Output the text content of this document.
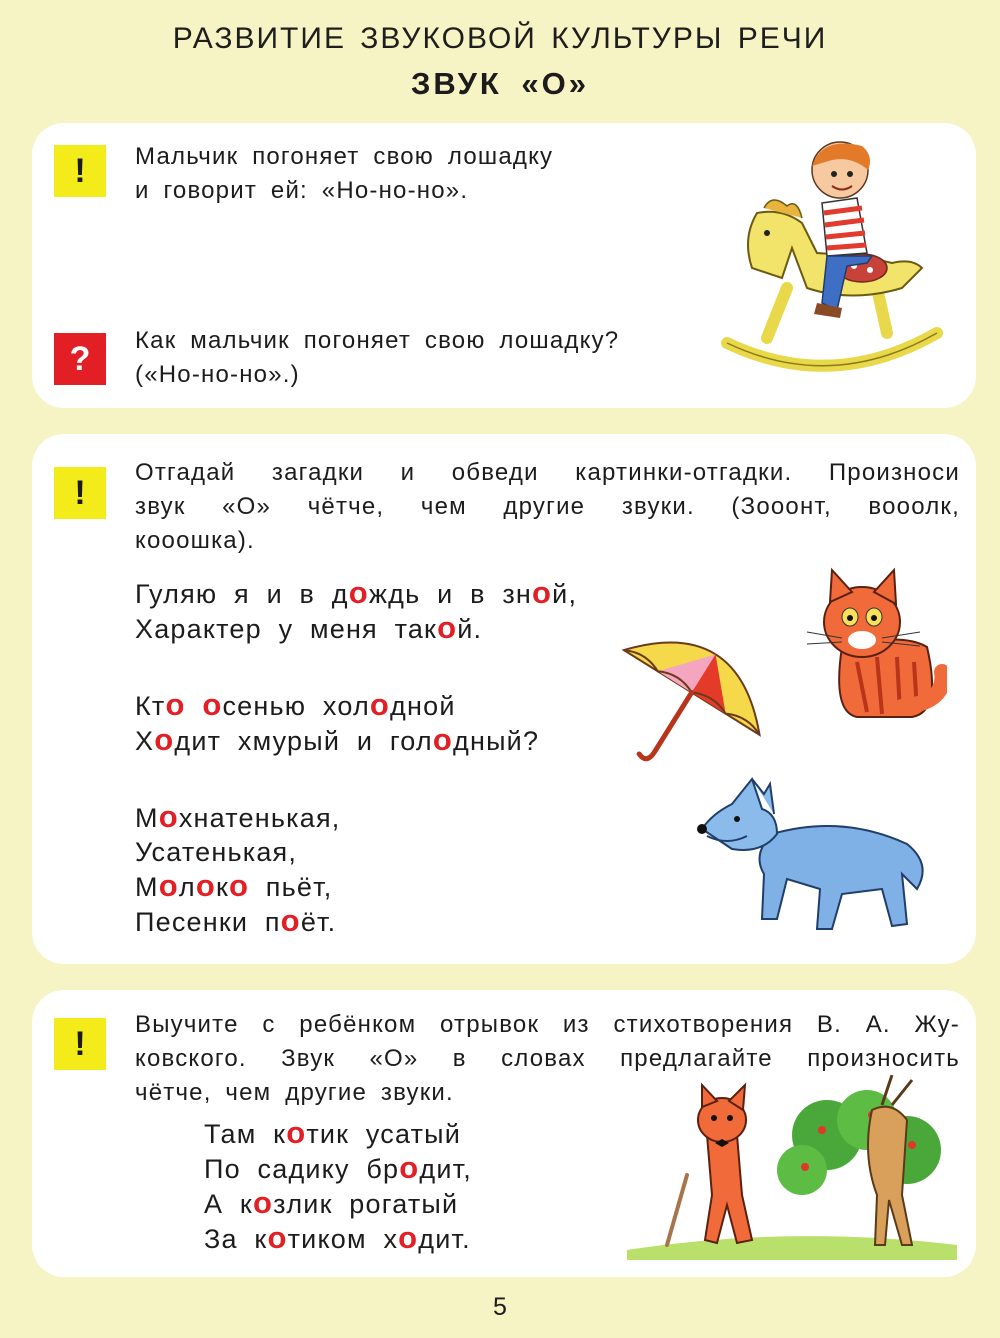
РАЗВИТИЕ ЗВУКОВОЙ КУЛЬТУРЫ РЕЧИ
ЗВУК «О»
!	Мальчик погоняет свою лошадку
и говорит ей: «Но-но-но».
?	Как мальчик погоняет свою лошадку?
(«Но-но-но».)
!
Отгадай загадки и обведи картинки-отгадки. Произноси
звук «О» чётче, чем другие звуки. (Зооонт, вооолк,
кооошка).
Гуляю я и в дождь и в зной,
Характер у меня такой.
Кто осенью холодной
Ходит хмурый и голодный?
Мохнатенькая,
Усатенькая,
Молоко пьёт,
Песенки поёт.
!	Выучите с ребёнком отрывок из стихотворения В. А. Жу-
ковского. Звук «О» в словах предлагайте произносить
чётче, чем другие звуки.
Там котик усатый
По садику бродит,
А козлик рогатый
За котиком ходит.
5
